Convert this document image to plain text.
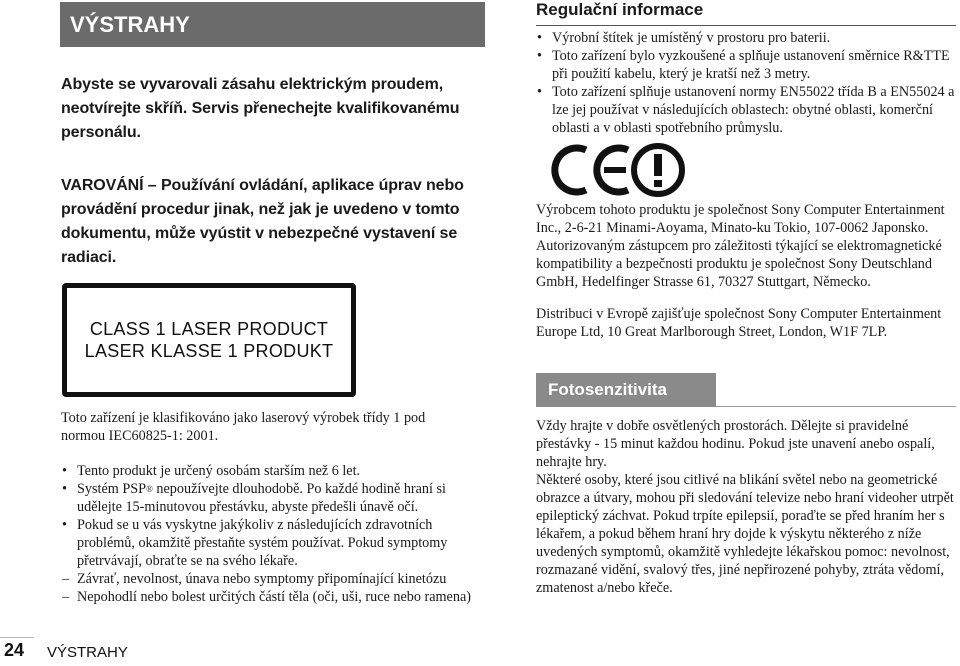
VÝSTRAHY
Abyste se vyvarovali zásahu elektrickým proudem, neotvírejte skříň. Servis přenechejte kvalifikovanému personálu.
VAROVÁNÍ – Používání ovládání, aplikace úprav nebo provádění procedur jinak, než jak je uvedeno v tomto dokumentu, může vyústit v nebezpečné vystavení se radiaci.
CLASS 1 LASER PRODUCT
LASER KLASSE 1 PRODUKT
Toto zařízení je klasifikováno jako laserový výrobek třídy 1 pod normou IEC60825-1: 2001.
• Tento produkt je určený osobám starším než 6 let.
• Systém PSP® nepoužívejte dlouhodobě. Po každé hodině hraní si udělejte 15-minutovou přestávku, abyste předešli únavě očí.
• Pokud se u vás vyskytne jakýkoliv z následujících zdravotních problémů, okamžitě přestaňte systém používat. Pokud symptomy přetrvávají, obraťte se na svého lékaře.
– Závrať, nevolnost, únava nebo symptomy připomínající kinetózu
– Nepohodlí nebo bolest určitých částí těla (oči, uši, ruce nebo ramena)
24 VÝSTRAHY
Regulační informace
• Výrobní štítek je umístěný v prostoru pro baterii.
• Toto zařízení bylo vyzkoušené a splňuje ustanovení směrnice R&TTE při použití kabelu, který je kratší než 3 metry.
• Toto zařízení splňuje ustanovení normy EN55022 třída B a EN55024 a lze jej používat v následujících oblastech: obytné oblasti, komerční oblasti a v oblasti spotřebního průmyslu.
Výrobcem tohoto produktu je společnost Sony Computer Entertainment Inc., 2-6-21 Minami-Aoyama, Minato-ku Tokio, 107-0062 Japonsko. Autorizovaným zástupcem pro záležitosti týkající se elektromagnetické kompatibility a bezpečnosti produktu je společnost Sony Deutschland GmbH, Hedelfinger Strasse 61, 70327 Stuttgart, Německo.
Distribuci v Evropě zajišťuje společnost Sony Computer Entertainment Europe Ltd, 10 Great Marlborough Street, London, W1F 7LP.
Fotosenzitivita
Vždy hrajte v dobře osvětlených prostorách. Dělejte si pravidelné přestávky - 15 minut každou hodinu. Pokud jste unavení anebo ospalí, nehrajte hry.
Některé osoby, které jsou citlivé na blikání světel nebo na geometrické obrazce a útvary, mohou při sledování televize nebo hraní videoher utrpět epileptický záchvat. Pokud trpíte epilepsií, poraďte se před hraním her s lékařem, a pokud během hraní hry dojde k výskytu některého z níže uvedených symptomů, okamžitě vyhledejte lékařskou pomoc: nevolnost, rozmazané vidění, svalový třes, jiné nepřirozené pohyby, ztráta vědomí, zmatenost a/nebo křeče.
